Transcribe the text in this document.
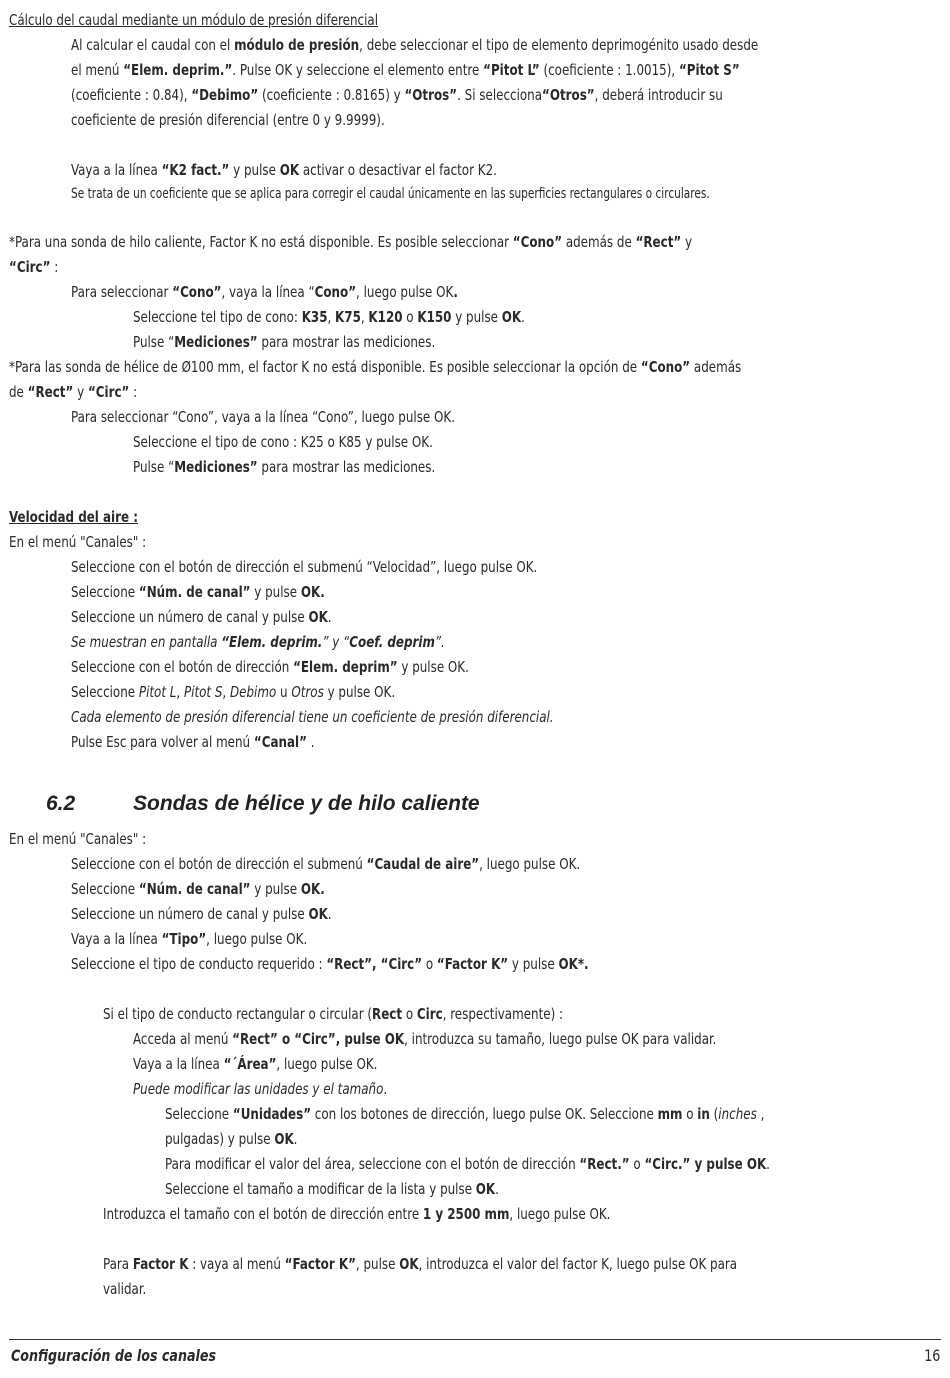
Cálculo del caudal mediante un módulo de presión diferencial
Al calcular el caudal con el módulo de presión, debe seleccionar el tipo de elemento deprimogénito usado desde
el menú “Elem. deprim.”. Pulse OK y seleccione el elemento entre “Pitot L” (coeficiente : 1.0015), “Pitot S”
(coeficiente : 0.84), “Debimo” (coeficiente : 0.8165) y “Otros”. Si selecciona“Otros”, deberá introducir su
coeficiente de presión diferencial (entre 0 y 9.9999).
Vaya a la línea “K2 fact.” y pulse OK activar o desactivar el factor K2.
Se trata de un coeficiente que se aplica para corregir el caudal únicamente en las superficies rectangulares o circulares.
*Para una sonda de hilo caliente, Factor K no está disponible. Es posible seleccionar “Cono” además de “Rect” y
“Circ” :
Para seleccionar “Cono”, vaya la línea “Cono”, luego pulse OK.
Seleccione tel tipo de cono: K35, K75, K120 o K150 y pulse OK.
Pulse “Mediciones” para mostrar las mediciones.
*Para las sonda de hélice de Ø100 mm, el factor K no está disponible. Es posible seleccionar la opción de “Cono” además
de “Rect” y “Circ” :
Para seleccionar “Cono”, vaya a la línea “Cono”, luego pulse OK.
Seleccione el tipo de cono : K25 o K85 y pulse OK.
Pulse “Mediciones” para mostrar las mediciones.
Velocidad del aire :
En el menú "Canales" :
Seleccione con el botón de dirección el submenú “Velocidad”, luego pulse OK.
Seleccione “Núm. de canal” y pulse OK.
Seleccione un número de canal y pulse OK.
Se muestran en pantalla “Elem. deprim.” y “Coef. deprim”.
Seleccione con el botón de dirección “Elem. deprim” y pulse OK.
Seleccione Pitot L, Pitot S, Debimo u Otros y pulse OK.
Cada elemento de presión diferencial tiene un coeficiente de presión diferencial.
Pulse Esc para volver al menú “Canal” .
6.2	Sondas de hélice y de hilo caliente
En el menú "Canales" :
Seleccione con el botón de dirección el submenú “Caudal de aire”, luego pulse OK.
Seleccione “Núm. de canal” y pulse OK.
Seleccione un número de canal y pulse OK.
Vaya a la línea “Tipo”, luego pulse OK.
Seleccione el tipo de conducto requerido : “Rect”, “Circ” o “Factor K” y pulse OK*.
Si el tipo de conducto rectangular o circular (Rect o Circ, respectivamente) :
Acceda al menú “Rect” o “Circ”, pulse OK, introduzca su tamaño, luego pulse OK para validar.
Vaya a la línea “´Área”, luego pulse OK.
Puede modificar las unidades y el tamaño.
Seleccione “Unidades” con los botones de dirección, luego pulse OK. Seleccione mm o in (inches ,
pulgadas) y pulse OK.
Para modificar el valor del área, seleccione con el botón de dirección “Rect.” o “Circ.” y pulse OK.
Seleccione el tamaño a modificar de la lista y pulse OK.
Introduzca el tamaño con el botón de dirección entre 1 y 2500 mm, luego pulse OK.
Para Factor K : vaya al menú “Factor K”, pulse OK, introduzca el valor del factor K, luego pulse OK para
validar.
Configuración de los canales	16
